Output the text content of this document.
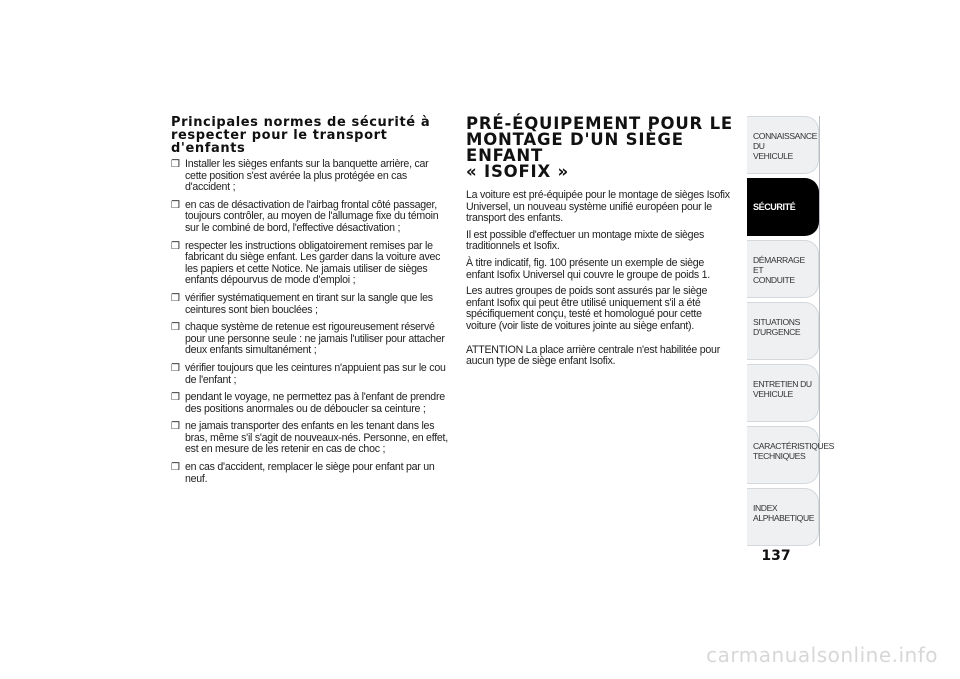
Principales normes de sécurité à
respecter pour le transport d'enfants
❒ Installer les sièges enfants sur la banquette arrière, car cette position s'est avérée la plus protégée en cas d'accident ;
❒ en cas de désactivation de l'airbag frontal côté passager, toujours contrôler, au moyen de l'allumage fixe du témoin sur le combiné de bord, l'effective désactivation ;
❒ respecter les instructions obligatoirement remises par le fabricant du siège enfant. Les garder dans la voiture avec les papiers et cette Notice. Ne jamais utiliser de sièges enfants dépourvus de mode d'emploi ;
❒ vérifier systématiquement en tirant sur la sangle que les ceintures sont bien bouclées ;
❒ chaque système de retenue est rigoureusement réservé pour une personne seule : ne jamais l'utiliser pour attacher deux enfants simultanément ;
❒ vérifier toujours que les ceintures n'appuient pas sur le cou de l'enfant ;
❒ pendant le voyage, ne permettez pas à l'enfant de prendre des positions anormales ou de déboucler sa ceinture ;
❒ ne jamais transporter des enfants en les tenant dans les bras, même s'il s'agit de nouveaux-nés. Personne, en effet, est en mesure de les retenir en cas de choc ;
❒ en cas d'accident, remplacer le siège pour enfant par un neuf.
PRÉ-ÉQUIPEMENT POUR LE
MONTAGE D'UN SIÈGE ENFANT
« ISOFIX »

La voiture est pré-équipée pour le montage de sièges Isofix Universel, un nouveau système unifié européen pour le transport des enfants.

Il est possible d'effectuer un montage mixte de sièges traditionnels et Isofix.

À titre indicatif, fig. 100 présente un exemple de siège enfant Isofix Universel qui couvre le groupe de poids 1.

Les autres groupes de poids sont assurés par le siège enfant Isofix qui peut être utilisé uniquement s'il a été spécifiquement conçu, testé et homologué pour cette voiture (voir liste de voitures jointe au siège enfant).

ATTENTION La place arrière centrale n'est habilitée pour aucun type de siège enfant Isofix.

CONNAISSANCE DU
VEHICULE
SÉCURITÉ
DÉMARRAGE ET
CONDUITE
SITUATIONS
D'URGENCE
ENTRETIEN DU
VEHICULE
CARACTÉRISTIQUES
TECHNIQUES
INDEX
ALPHABETIQUE
137
carmanualsonline.info
